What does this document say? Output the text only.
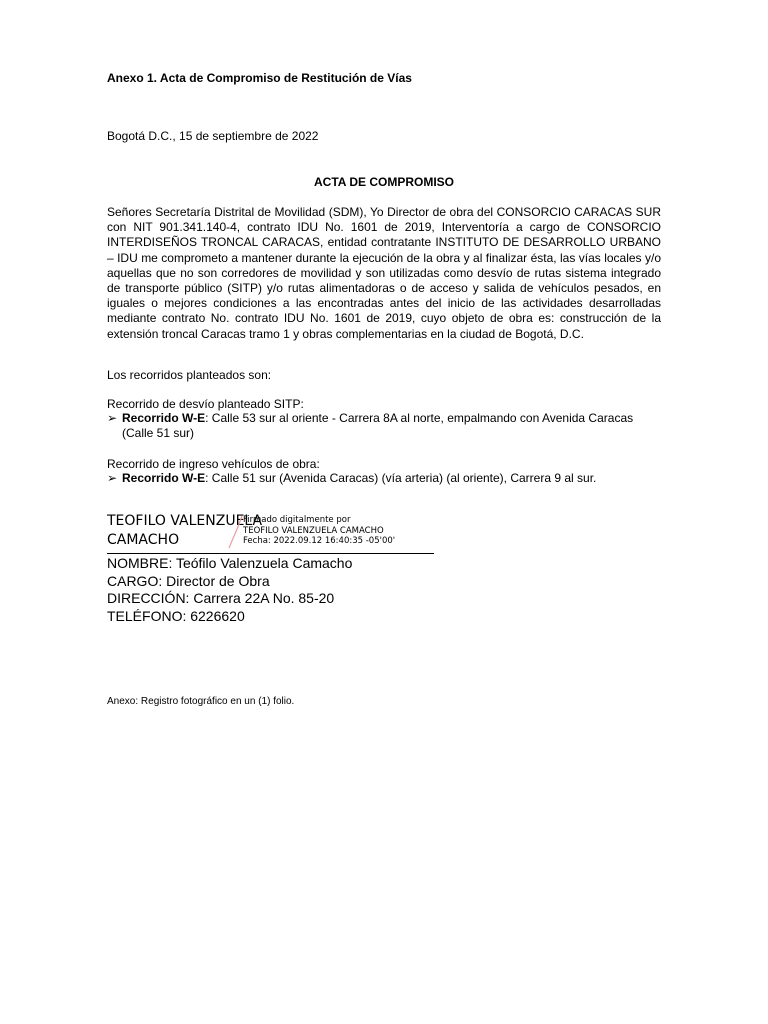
Anexo 1. Acta de Compromiso de Restitución de Vías
Bogotá D.C., 15 de septiembre de 2022
ACTA DE COMPROMISO
Señores Secretaría Distrital de Movilidad (SDM), Yo Director de obra del CONSORCIO CARACAS SUR con NIT 901.341.140-4, contrato IDU No. 1601 de 2019, Interventoría a cargo de CONSORCIO INTERDISEÑOS TRONCAL CARACAS, entidad contratante INSTITUTO DE DESARROLLO URBANO – IDU me comprometo a mantener durante la ejecución de la obra y al finalizar ésta, las vías locales y/o aquellas que no son corredores de movilidad y son utilizadas como desvío de rutas sistema integrado de transporte público (SITP) y/o rutas alimentadoras o de acceso y salida de vehículos pesados, en iguales o mejores condiciones a las encontradas antes del inicio de las actividades desarrolladas mediante contrato No. contrato IDU No. 1601 de 2019, cuyo objeto de obra es: construcción de la extensión troncal Caracas tramo 1 y obras complementarias en la ciudad de Bogotá, D.C.
Los recorridos planteados son:
Recorrido de desvío planteado SITP:
➢ Recorrido W-E: Calle 53 sur al oriente - Carrera 8A al norte, empalmando con Avenida Caracas (Calle 51 sur)
Recorrido de ingreso vehículos de obra:
➢ Recorrido W-E: Calle 51 sur (Avenida Caracas) (vía arteria) (al oriente), Carrera 9 al sur.
TEOFILO VALENZUELA
CAMACHO
Firmado digitalmente por
TEOFILO VALENZUELA CAMACHO
Fecha: 2022.09.12 16:40:35 -05'00'
NOMBRE: Teófilo Valenzuela Camacho
CARGO: Director de Obra
DIRECCIÓN: Carrera 22A No. 85-20
TELÉFONO: 6226620
Anexo: Registro fotográfico en un (1) folio.
